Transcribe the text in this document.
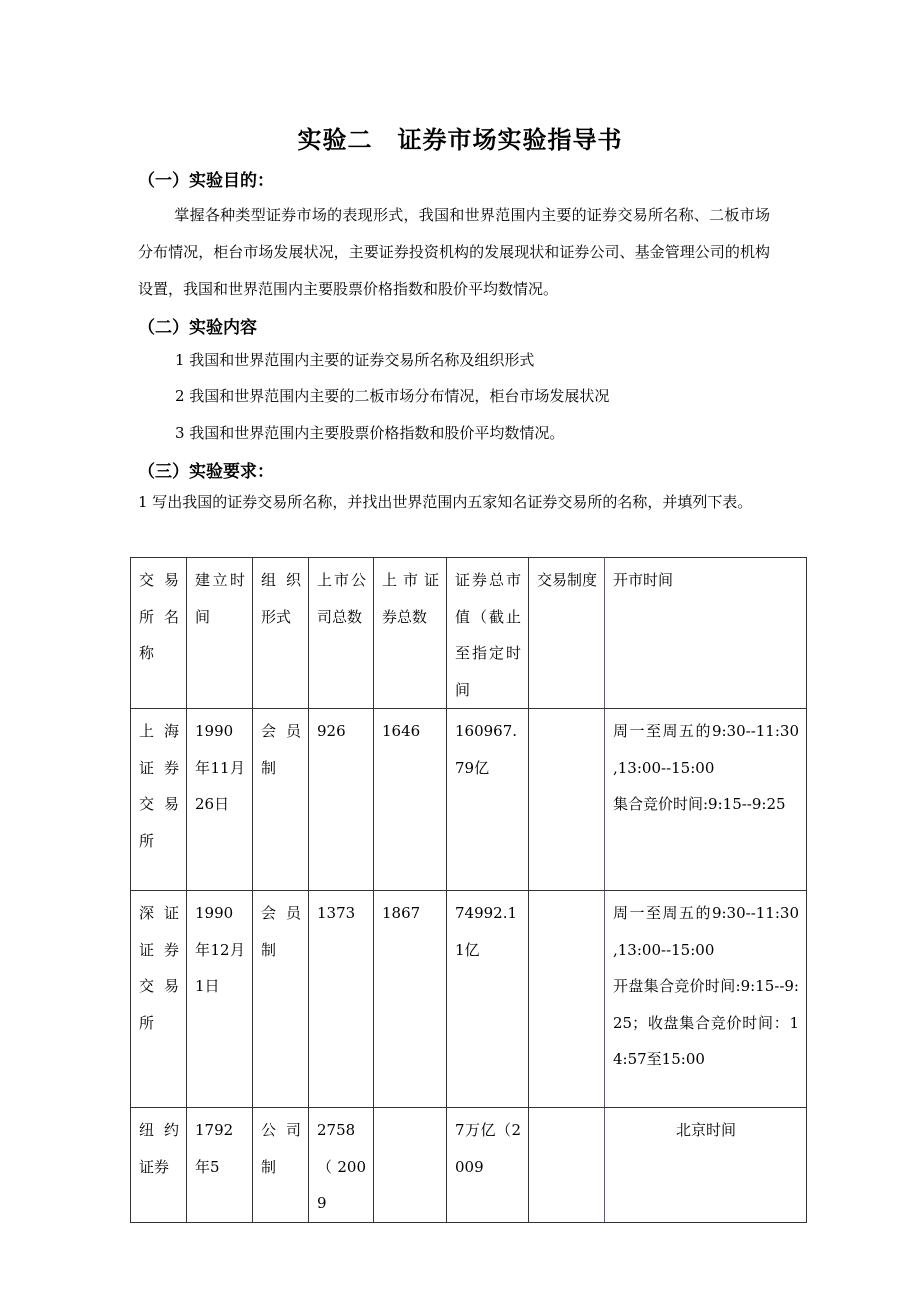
实验二　证券市场实验指导书
（一）实验目的：
掌握各种类型证券市场的表现形式，我国和世界范围内主要的证券交易所名称、二板市场分布情况，柜台市场发展状况，主要证券投资机构的发展现状和证券公司、基金管理公司的机构设置，我国和世界范围内主要股票价格指数和股价平均数情况。
（二）实验内容
1 我国和世界范围内主要的证券交易所名称及组织形式
2 我国和世界范围内主要的二板市场分布情况，柜台市场发展状况
3 我国和世界范围内主要股票价格指数和股价平均数情况。
（三）实验要求：
1 写出我国的证券交易所名称，并找出世界范围内五家知名证券交易所的名称，并填列下表。
交易所名称	建立时间	组织形式	上市公司总数	上市证券总数	证券总市值（截止至指定时间	交易制度	开市时间
上海证券交易所	1990年11月26日	会员制	926	1646	160967.79亿		周一至周五的9:30--11:30 ,13:00--15:00
集合竞价时间:9:15--9:25
深证证券交易所	1990年12月1日	会员制	1373	1867	74992.11亿		周一至周五的9:30--11:30 ,13:00--15:00
开盘集合竞价时间:9:15--9:25；收盘集合竞价时间：14:57至15:00
纽约证券	1792年5	公司制	2758（2009		7万亿（2009		北京时间
